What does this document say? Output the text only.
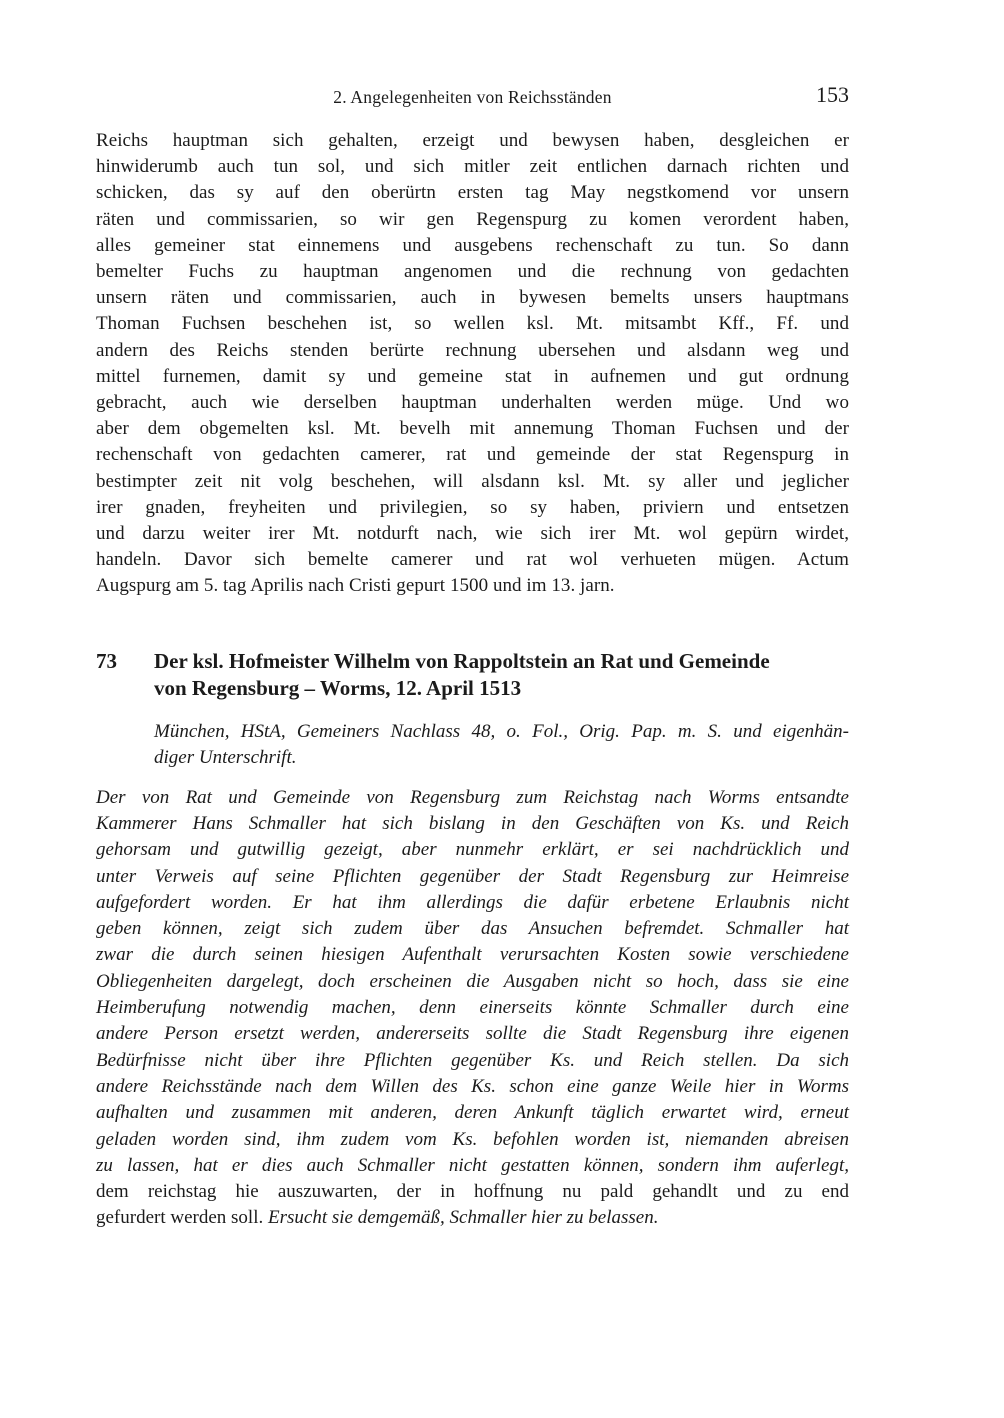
2. Angelegenheiten von Reichsständen	153
Reichs hauptman sich gehalten, erzeigt und bewysen haben, desgleichen er
hinwiderumb auch tun sol, und sich mitler zeit entlichen darnach richten und
schicken, das sy auf den oberürtn ersten tag May negstkomend vor unsern
räten und commissarien, so wir gen Regenspurg zu komen verordent haben,
alles gemeiner stat einnemens und ausgebens rechenschaft zu tun. So dann
bemelter Fuchs zu hauptman angenomen und die rechnung von gedachten
unsern räten und commissarien, auch in bywesen bemelts unsers hauptmans
Thoman Fuchsen beschehen ist, so wellen ksl. Mt. mitsambt Kff., Ff. und
andern des Reichs stenden berürte rechnung ubersehen und alsdann weg und
mittel furnemen, damit sy und gemeine stat in aufnemen und gut ordnung
gebracht, auch wie derselben hauptman underhalten werden müge. Und wo
aber dem obgemelten ksl. Mt. bevelh mit annemung Thoman Fuchsen und der
rechenschaft von gedachten camerer, rat und gemeinde der stat Regenspurg in
bestimpter zeit nit volg beschehen, will alsdann ksl. Mt. sy aller und jeglicher
irer gnaden, freyheiten und privilegien, so sy haben, priviern und entsetzen
und darzu weiter irer Mt. notdurft nach, wie sich irer Mt. wol gepürn wirdet,
handeln. Davor sich bemelte camerer und rat wol verhueten mügen. Actum
Augspurg am 5. tag Aprilis nach Cristi gepurt 1500 und im 13. jarn.
73	Der ksl. Hofmeister Wilhelm von Rappoltstein an Rat und Gemeinde
von Regensburg – Worms, 12. April 1513
München, HStA, Gemeiners Nachlass 48, o. Fol., Orig. Pap. m. S. und eigenhän-
diger Unterschrift.
Der von Rat und Gemeinde von Regensburg zum Reichstag nach Worms entsandte
Kammerer Hans Schmaller hat sich bislang in den Geschäften von Ks. und Reich
gehorsam und gutwillig gezeigt, aber nunmehr erklärt, er sei nachdrücklich und
unter Verweis auf seine Pflichten gegenüber der Stadt Regensburg zur Heimreise
aufgefordert worden. Er hat ihm allerdings die dafür erbetene Erlaubnis nicht
geben können, zeigt sich zudem über das Ansuchen befremdet. Schmaller hat
zwar die durch seinen hiesigen Aufenthalt verursachten Kosten sowie verschiedene
Obliegenheiten dargelegt, doch erscheinen die Ausgaben nicht so hoch, dass sie eine
Heimberufung notwendig machen, denn einerseits könnte Schmaller durch eine
andere Person ersetzt werden, andererseits sollte die Stadt Regensburg ihre eigenen
Bedürfnisse nicht über ihre Pflichten gegenüber Ks. und Reich stellen. Da sich
andere Reichsstände nach dem Willen des Ks. schon eine ganze Weile hier in Worms
aufhalten und zusammen mit anderen, deren Ankunft täglich erwartet wird, erneut
geladen worden sind, ihm zudem vom Ks. befohlen worden ist, niemanden abreisen
zu lassen, hat er dies auch Schmaller nicht gestatten können, sondern ihm auferlegt,
dem reichstag hie auszuwarten, der in hoffnung nu pald gehandlt und zu end
gefurdert werden soll. Ersucht sie demgemäß, Schmaller hier zu belassen.
